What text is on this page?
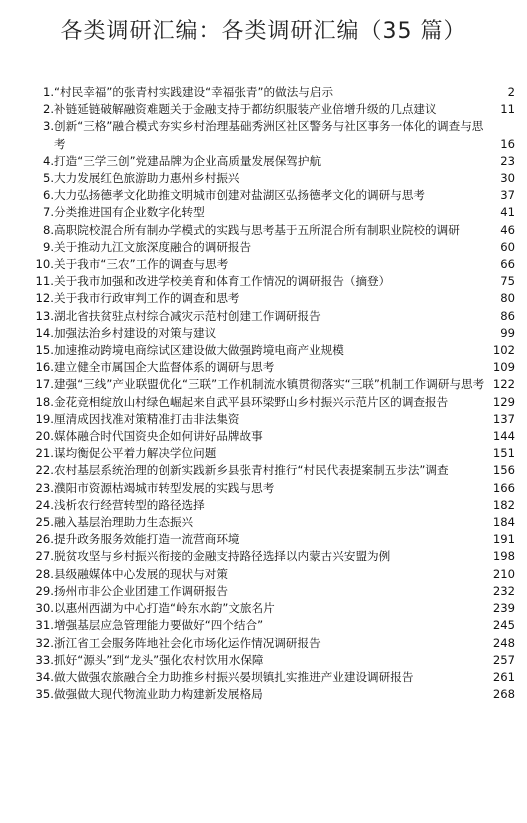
各类调研汇编：各类调研汇编（35 篇）
1. “村民幸福”的张青村实践建设“幸福张青”的做法与启示	2
2. 补链延链破解融资难题关于金融支持于都纺织服装产业倍增升级的几点建议	11
3. 创新“三格”融合模式夯实乡村治理基础秀洲区社区警务与社区事务一体化的调查与思考	16
4. 打造“三学三创”党建品牌为企业高质量发展保驾护航	23
5. 大力发展红色旅游助力惠州乡村振兴	30
6. 大力弘扬德孝文化助推文明城市创建对盐湖区弘扬德孝文化的调研与思考	37
7. 分类推进国有企业数字化转型	41
8. 高职院校混合所有制办学模式的实践与思考基于五所混合所有制职业院校的调研	46
9. 关于推动九江文旅深度融合的调研报告	60
10. 关于我市“三农”工作的调查与思考	66
11. 关于我市加强和改进学校美育和体育工作情况的调研报告（摘登）	75
12. 关于我市行政审判工作的调查和思考	80
13. 湖北省扶贫驻点村综合减灾示范村创建工作调研报告	86
14. 加强法治乡村建设的对策与建议	99
15. 加速推动跨境电商综试区建设做大做强跨境电商产业规模	102
16. 建立健全市属国企大监督体系的调研与思考	109
17. 建强“三线”产业联盟优化“三联”工作机制流水镇贯彻落实“三联”机制工作调研与思考 122
18. 金花竞相绽放山村绿色崛起来自武平县环梁野山乡村振兴示范片区的调查报告	129
19. 厘清成因找准对策精准打击非法集资	137
20. 媒体融合时代国资央企如何讲好品牌故事	144
21. 谋均衡促公平着力解决学位问题	151
22. 农村基层系统治理的创新实践新乡县张青村推行“村民代表提案制五步法”调查	156
23. 濮阳市资源枯竭城市转型发展的实践与思考	166
24. 浅析农行经营转型的路径选择	182
25. 融入基层治理助力生态振兴	184
26. 提升政务服务效能打造一流营商环境	191
27. 脱贫攻坚与乡村振兴衔接的金融支持路径选择以内蒙古兴安盟为例	198
28. 县级融媒体中心发展的现状与对策	210
29. 扬州市非公企业团建工作调研报告	232
30. 以惠州西湖为中心打造“岭东水韵”文旅名片	239
31. 增强基层应急管理能力要做好“四个结合”	245
32. 浙江省工会服务阵地社会化市场化运作情况调研报告	248
33. 抓好“源头”到“龙头”强化农村饮用水保障	257
34. 做大做强农旅融合全力助推乡村振兴晏坝镇扎实推进产业建设调研报告	261
35. 做强做大现代物流业助力构建新发展格局	268
